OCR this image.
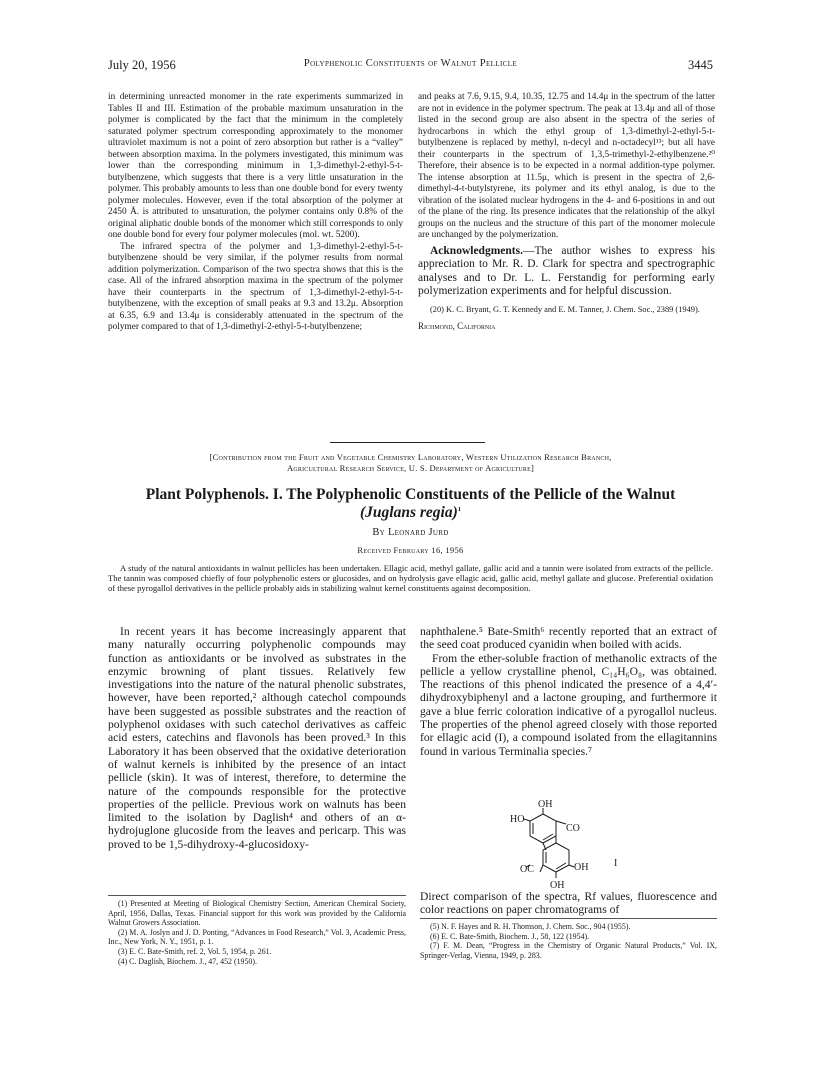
July 20, 1956	Polyphenolic Constituents of Walnut Pellicle	3445

in determining unreacted monomer in the rate experiments summarized in Tables II and III. Estimation of the probable maximum unsaturation in the polymer is complicated by the fact that the minimum in the completely saturated polymer spectrum corresponding approximately to the monomer ultraviolet maximum is not a point of zero absorption but rather is a “valley” between absorption maxima. In the polymers investigated, this minimum was lower than the corresponding minimum in 1,3-dimethyl-2-ethyl-5-t-butylbenzene, which suggests that there is a very little unsaturation in the polymer. This probably amounts to less than one double bond for every twenty polymer molecules. However, even if the total absorption of the polymer at 2450 Å. is attributed to unsaturation, the polymer contains only 0.8% of the original aliphatic double bonds of the monomer which still corresponds to only one double bond for every four polymer molecules (mol. wt. 5200).

The infrared spectra of the polymer and 1,3-dimethyl-2-ethyl-5-t-butylbenzene should be very similar, if the polymer results from normal addition polymerization. Comparison of the two spectra shows that this is the case. All of the infrared absorption maxima in the spectrum of the polymer have their counterparts in the spectrum of 1,3-dimethyl-2-ethyl-5-t-butylbenzene, with the exception of small peaks at 9.3 and 13.2μ. Absorption at 6.35, 6.9 and 13.4μ is considerably attenuated in the spectrum of the polymer compared to that of 1,3-dimethyl-2-ethyl-5-t-butylbenzene;

and peaks at 7.6, 9.15, 9.4, 10.35, 12.75 and 14.4μ in the spectrum of the latter are not in evidence in the polymer spectrum. The peak at 13.4μ and all of those listed in the second group are also absent in the spectra of the series of hydrocarbons in which the ethyl group of 1,3-dimethyl-2-ethyl-5-t-butylbenzene is replaced by methyl, n-decyl and n-octadecyl¹³; but all have their counterparts in the spectrum of 1,3,5-trimethyl-2-ethylbenzene.²⁰ Therefore, their absence is to be expected in a normal addition-type polymer. The intense absorption at 11.5μ, which is present in the spectra of 2,6-dimethyl-4-t-butylstyrene, its polymer and its ethyl analog, is due to the vibration of the isolated nuclear hydrogens in the 4- and 6-positions in and out of the plane of the ring. Its presence indicates that the relationship of the alkyl groups on the nucleus and the structure of this part of the monomer molecule are unchanged by the polymerization.

Acknowledgments.—The author wishes to express his appreciation to Mr. R. D. Clark for spectra and spectrographic analyses and to Dr. L. L. Ferstandig for performing early polymerization experiments and for helpful discussion.

(20) K. C. Bryant, G. T. Kennedy and E. M. Tanner, J. Chem. Soc., 2389 (1949).

Richmond, California

[Contribution from the Fruit and Vegetable Chemistry Laboratory, Western Utilization Research Branch,
Agricultural Research Service, U. S. Department of Agriculture]
Plant Polyphenols. I. The Polyphenolic Constituents of the Pellicle of the Walnut
(Juglans regia)$^1$
By Leonard Jurd
Received February 16, 1956
A study of the natural antioxidants in walnut pellicles has been undertaken. Ellagic acid, methyl gallate, gallic acid and a tannin were isolated from extracts of the pellicle. The tannin was composed chiefly of four polyphenolic esters or glucosides, and on hydrolysis gave ellagic acid, gallic acid, methyl gallate and glucose. Preferential oxidation of these pyrogallol derivatives in the pellicle probably aids in stabilizing walnut kernel constituents against decomposition.

In recent years it has become increasingly apparent that many naturally occurring polyphenolic compounds may function as antioxidants or be involved as substrates in the enzymic browning of plant tissues. Relatively few investigations into the nature of the natural phenolic substrates, however, have been reported,² although catechol compounds have been suggested as possible substrates and the reaction of polyphenol oxidases with such catechol derivatives as caffeic acid esters, catechins and flavonols has been proved.³ In this Laboratory it has been observed that the oxidative deterioration of walnut kernels is inhibited by the presence of an intact pellicle (skin). It was of interest, therefore, to determine the nature of the compounds responsible for the protective properties of the pellicle. Previous work on walnuts has been limited to the isolation by Daglish⁴ and others of an α-hydrojuglone glucoside from the leaves and pericarp. This was proved to be 1,5-dihydroxy-4-glucosidoxy-

naphthalene.⁵ Bate-Smith⁶ recently reported that an extract of the seed coat produced cyanidin when boiled with acids.

From the ether-soluble fraction of methanolic extracts of the pellicle a yellow crystalline phenol, C₁₄H₆O₈, was obtained. The reactions of this phenol indicated the presence of a 4,4′-dihydroxybiphenyl and a lactone grouping, and furthermore it gave a blue ferric coloration indicative of a pyrogallol nucleus. The properties of the phenol agreed closely with those reported for ellagic acid (I), a compound isolated from the ellagitannins found in various Terminalia species.⁷

OH
HO
CO
OC	OH
OH
I

Direct comparison of the spectra, Rf values, fluorescence and color reactions on paper chromatograms of

(1) Presented at Meeting of Biological Chemistry Section, American Chemical Society, April, 1956, Dallas, Texas. Financial support for this work was provided by the California Walnut Growers Association.

(2) M. A. Joslyn and J. D. Ponting, “Advances in Food Research,” Vol. 3, Academic Press, Inc., New York, N. Y., 1951, p. 1.

(3) E. C. Bate-Smith, ref. 2, Vol. 5, 1954, p. 261.

(4) C. Daglish, Biochem. J., 47, 452 (1950).

(5) N. F. Hayes and R. H. Thomson, J. Chem. Soc., 904 (1955).

(6) E. C. Bate-Smith, Biochem. J., 58, 122 (1954).

(7) F. M. Dean, “Progress in the Chemistry of Organic Natural Products,” Vol. IX, Springer-Verlag, Vienna, 1949, p. 283.
